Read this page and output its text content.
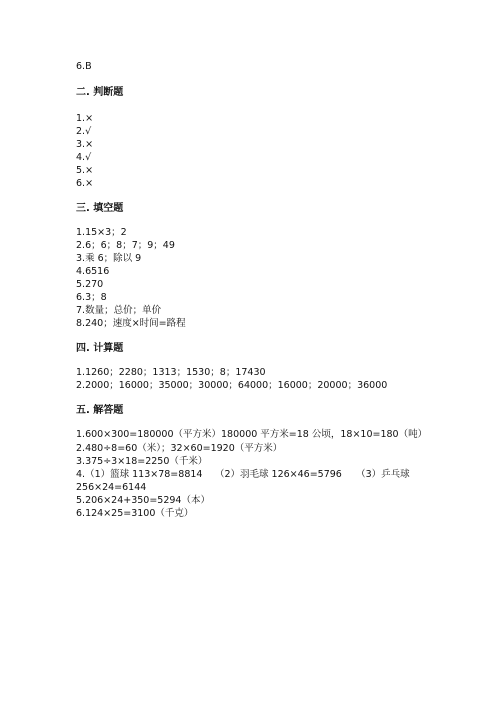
6.B
二. 判断题
1.×
2.√
3.×
4.√
5.×
6.×
三. 填空题
1.15×3；2
2.6；6；8；7；9；49
3.乘 6；除以 9
4.6516
5.270
6.3；8
7.数量；总价；单价
8.240；速度×时间=路程
四. 计算题
1.1260；2280；1313；1530；8；17430
2.2000；16000；35000；30000；64000；16000；20000；36000
五. 解答题
1.600×300=180000（平方米）180000 平方米=18 公顷，18×10=180（吨）
2.480÷8=60（米）；32×60=1920（平方米）
3.375÷3×18=2250（千米）
4.（1）篮球 113×78=8814　 （2）羽毛球 126×46=5796　　（3）乒乓球
256×24=6144
5.206×24+350=5294（本）
6.124×25=3100（千克）
